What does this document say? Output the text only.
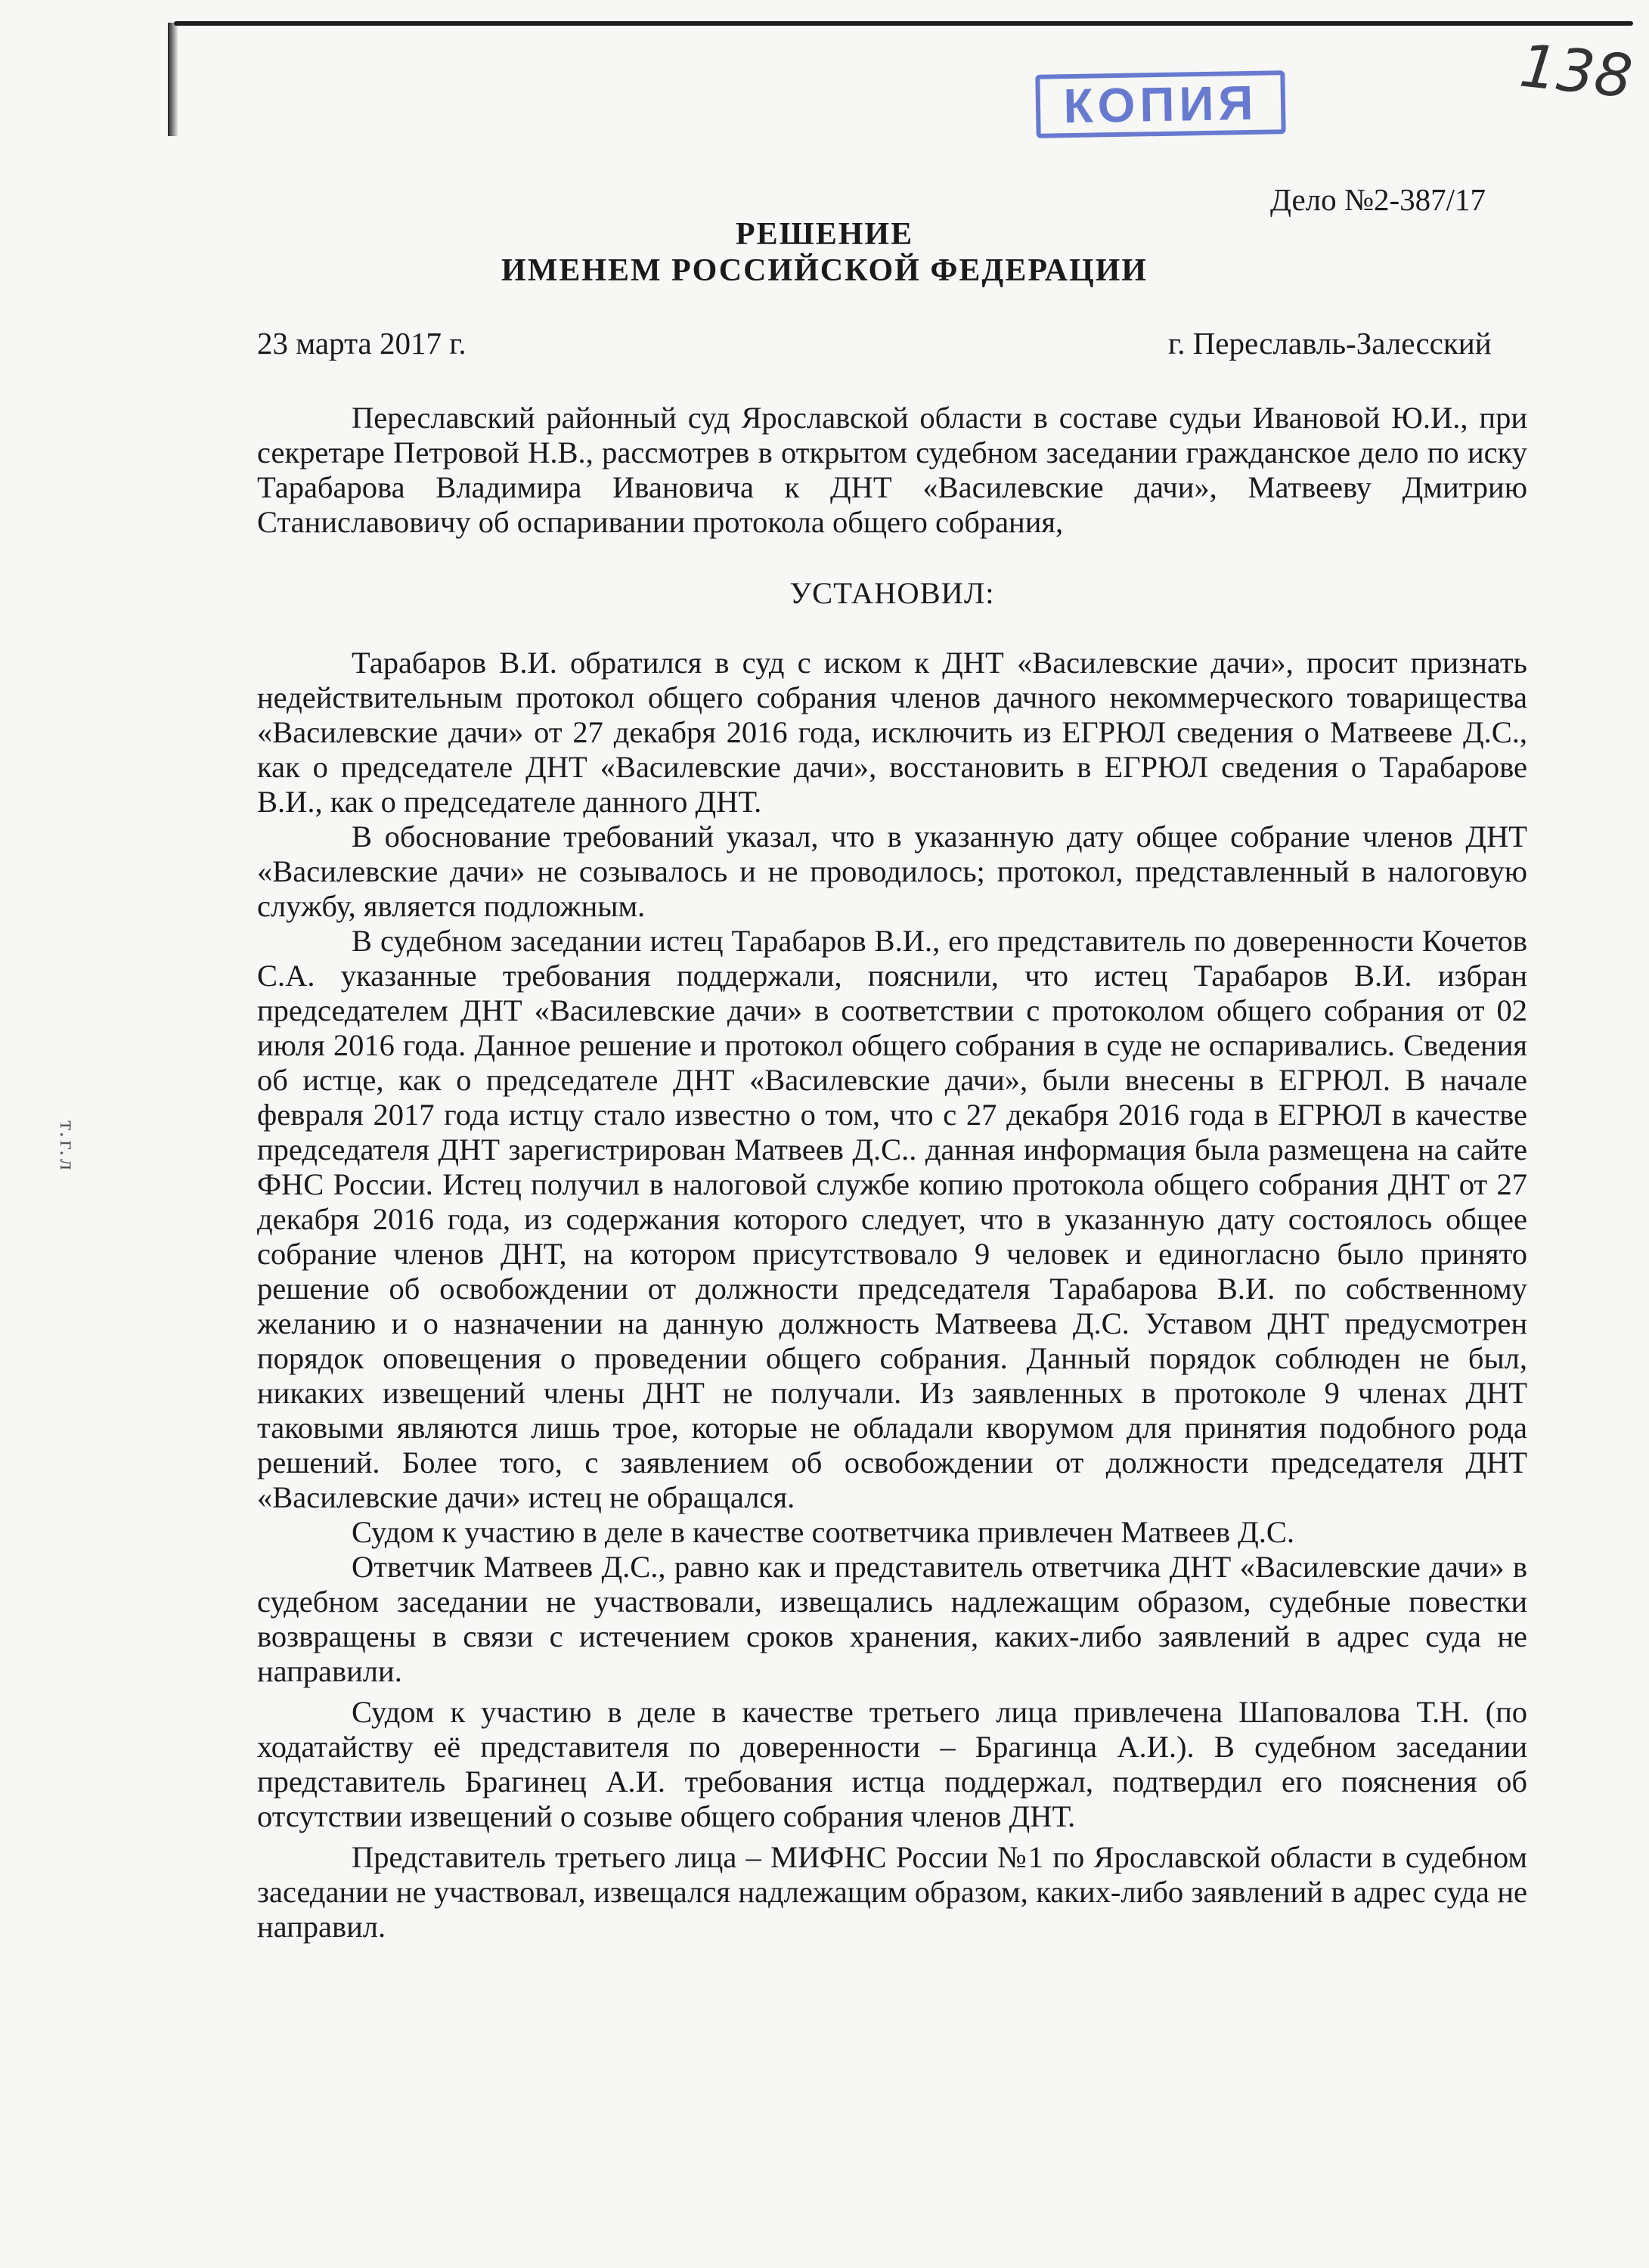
КОПИЯ	138
т.г.л
Дело №2-387/17
РЕШЕНИЕ
ИМЕНЕМ РОССИЙСКОЙ ФЕДЕРАЦИИ
23 марта 2017 г.	г. Переславль-Залесский

Переславский районный суд Ярославской области в составе судьи Ивановой Ю.И., при секретаре Петровой Н.В., рассмотрев в открытом судебном заседании гражданское дело по иску Тарабарова Владимира Ивановича к ДНТ «Василевские дачи», Матвееву Дмитрию Станиславовичу об оспаривании протокола общего собрания,

УСТАНОВИЛ:

Тарабаров В.И. обратился в суд с иском к ДНТ «Василевские дачи», просит признать недействительным протокол общего собрания членов дачного некоммерческого товарищества «Василевские дачи» от 27 декабря 2016 года, исключить из ЕГРЮЛ сведения о Матвееве Д.С., как о председателе ДНТ «Василевские дачи», восстановить в ЕГРЮЛ сведения о Тарабарове В.И., как о председателе данного ДНТ.

В обоснование требований указал, что в указанную дату общее собрание членов ДНТ «Василевские дачи» не созывалось и не проводилось; протокол, представленный в налоговую службу, является подложным.

В судебном заседании истец Тарабаров В.И., его представитель по доверенности Кочетов С.А. указанные требования поддержали, пояснили, что истец Тарабаров В.И. избран председателем ДНТ «Василевские дачи» в соответствии с протоколом общего собрания от 02 июля 2016 года. Данное решение и протокол общего собрания в суде не оспаривались. Сведения об истце, как о председателе ДНТ «Василевские дачи», были внесены в ЕГРЮЛ. В начале февраля 2017 года истцу стало известно о том, что с 27 декабря 2016 года в ЕГРЮЛ в качестве председателя ДНТ зарегистрирован Матвеев Д.С.. данная информация была размещена на сайте ФНС России. Истец получил в налоговой службе копию протокола общего собрания ДНТ от 27 декабря 2016 года, из содержания которого следует, что в указанную дату состоялось общее собрание членов ДНТ, на котором присутствовало 9 человек и единогласно было принято решение об освобождении от должности председателя Тарабарова В.И. по собственному желанию и о назначении на данную должность Матвеева Д.С. Уставом ДНТ предусмотрен порядок оповещения о проведении общего собрания. Данный порядок соблюден не был, никаких извещений члены ДНТ не получали. Из заявленных в протоколе 9 членах ДНТ таковыми являются лишь трое, которые не обладали кворумом для принятия подобного рода решений. Более того, с заявлением об освобождении от должности председателя ДНТ «Василевские дачи» истец не обращался.

Судом к участию в деле в качестве соответчика привлечен Матвеев Д.С.

Ответчик Матвеев Д.С., равно как и представитель ответчика ДНТ «Василевские дачи» в судебном заседании не участвовали, извещались надлежащим образом, судебные повестки возвращены в связи с истечением сроков хранения, каких-либо заявлений в адрес суда не направили.

Судом к участию в деле в качестве третьего лица привлечена Шаповалова Т.Н. (по ходатайству её представителя по доверенности – Брагинца А.И.). В судебном заседании представитель Брагинец А.И. требования истца поддержал, подтвердил его пояснения об отсутствии извещений о созыве общего собрания членов ДНТ.

Представитель третьего лица – МИФНС России №1 по Ярославской области в судебном заседании не участвовал, извещался надлежащим образом, каких-либо заявлений в адрес суда не направил.
